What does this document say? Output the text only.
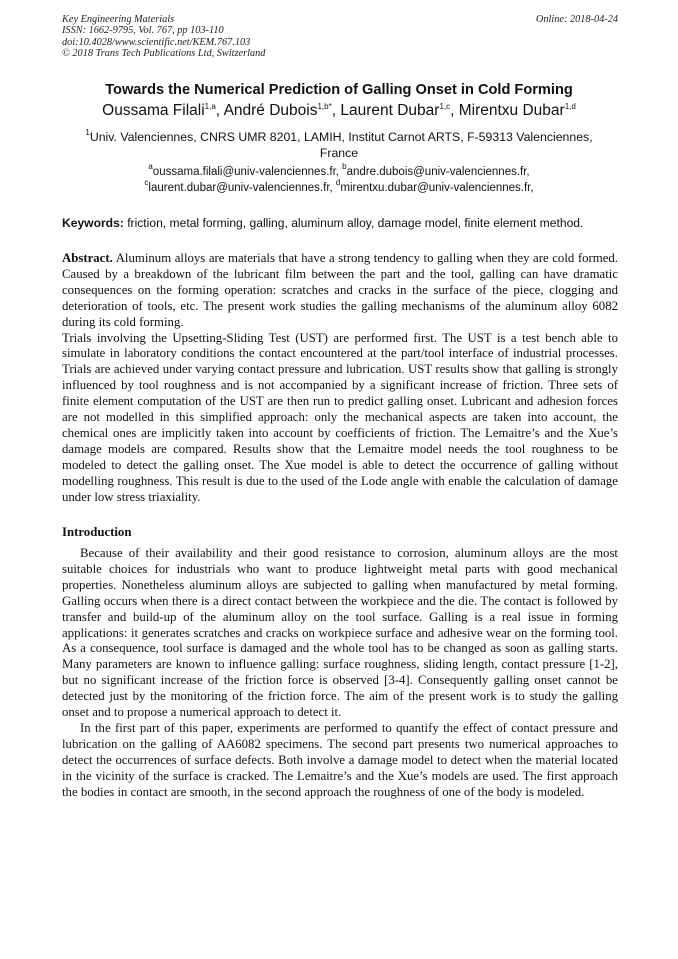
Key Engineering Materials
ISSN: 1662-9795, Vol. 767, pp 103-110
doi:10.4028/www.scientific.net/KEM.767.103
© 2018 Trans Tech Publications Ltd, Switzerland
Online: 2018-04-24
Towards the Numerical Prediction of Galling Onset in Cold Forming
Oussama Filali$^{1,a}$, André Dubois$^{1,b*}$, Laurent Dubar$^{1,c}$, Mirentxu Dubar$^{1,d}$
$^1$Univ. Valenciennes, CNRS UMR 8201, LAMIH, Institut Carnot ARTS, F-59313 Valenciennes, France
$^a$oussama.filali@univ-valenciennes.fr, $^b$andre.dubois@univ-valenciennes.fr,
$^c$laurent.dubar@univ-valenciennes.fr, $^d$mirentxu.dubar@univ-valenciennes.fr,
Keywords: friction, metal forming, galling, aluminum alloy, damage model, finite element method.

Abstract. Aluminum alloys are materials that have a strong tendency to galling when they are cold formed. Caused by a breakdown of the lubricant film between the part and the tool, galling can have dramatic consequences on the forming operation: scratches and cracks in the surface of the piece, clogging and deterioration of tools, etc. The present work studies the galling mechanisms of the aluminum alloy 6082 during its cold forming.

Trials involving the Upsetting-Sliding Test (UST) are performed first. The UST is a test bench able to simulate in laboratory conditions the contact encountered at the part/tool interface of industrial processes. Trials are achieved under varying contact pressure and lubrication. UST results show that galling is strongly influenced by tool roughness and is not accompanied by a significant increase of friction. Three sets of finite element computation of the UST are then run to predict galling onset. Lubricant and adhesion forces are not modelled in this simplified approach: only the mechanical aspects are taken into account, the chemical ones are implicitly taken into account by coefficients of friction. The Lemaitre’s and the Xue’s damage models are compared. Results show that the Lemaitre model needs the tool roughness to be modeled to detect the galling onset. The Xue model is able to detect the occurrence of galling without modelling roughness. This result is due to the used of the Lode angle with enable the calculation of damage under low stress triaxiality.

Introduction

Because of their availability and their good resistance to corrosion, aluminum alloys are the most suitable choices for industrials who want to produce lightweight metal parts with good mechanical properties. Nonetheless aluminum alloys are subjected to galling when manufactured by metal forming. Galling occurs when there is a direct contact between the workpiece and the die. The contact is followed by transfer and build-up of the aluminum alloy on the tool surface. Galling is a real issue in forming applications: it generates scratches and cracks on workpiece surface and adhesive wear on the forming tool. As a consequence, tool surface is damaged and the whole tool has to be changed as soon as galling starts. Many parameters are known to influence galling: surface roughness, sliding length, contact pressure [1-2], but no significant increase of the friction force is observed [3-4]. Consequently galling onset cannot be detected just by the monitoring of the friction force. The aim of the present work is to study the galling onset and to propose a numerical approach to detect it.

In the first part of this paper, experiments are performed to quantify the effect of contact pressure and lubrication on the galling of AA6082 specimens. The second part presents two numerical approaches to detect the occurrences of surface defects. Both involve a damage model to detect when the material located in the vicinity of the surface is cracked. The Lemaitre’s and the Xue’s models are used. The first approach the bodies in contact are smooth, in the second approach the roughness of one of the body is modeled.
